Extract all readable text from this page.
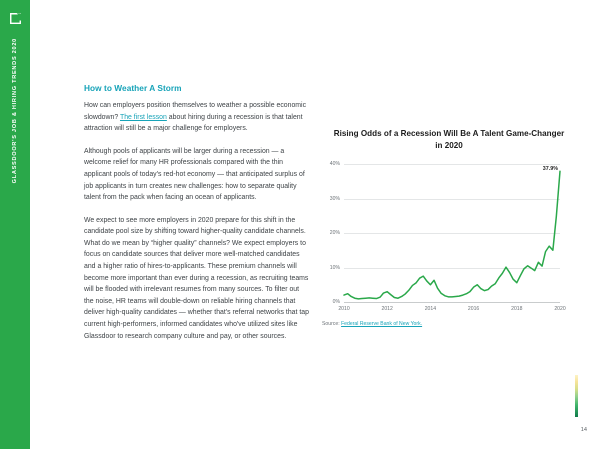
GLASSDOOR'S JOB & HIRING TRENDS 2020	How to Weather A Storm

How can employers position themselves to weather a possible economic slowdown? The first lesson about hiring during a recession is that talent attraction will still be a major challenge for employers.

Although pools of applicants will be larger during a recession — a welcome relief for many HR professionals compared with the thin applicant pools of today's red-hot economy — that anticipated surplus of job applicants in turn creates new challenges: how to separate quality talent from the pack when facing an ocean of applicants.

We expect to see more employers in 2020 prepare for this shift in the candidate pool size by shifting toward higher-quality candidate channels. What do we mean by “higher quality” channels? We expect employers to focus on candidate sources that deliver more well-matched candidates and a higher ratio of hires-to-applicants. These premium channels will become more important than ever during a recession, as recruiting teams will be flooded with irrelevant resumes from many sources. To filter out the noise, HR teams will double-down on reliable hiring channels that deliver high-quality candidates — whether that's referral networks that tap current high-performers, informed candidates who've utilized sites like Glassdoor to research company culture and pay, or other sources.

Rising Odds of a Recession Will Be A Talent Game-Changer in 2020
0%
10%
20%
30%
40%
2010	2012	2014	2016	2018	2020
37.9%
Source: Federal Reserve Bank of New York.
14
